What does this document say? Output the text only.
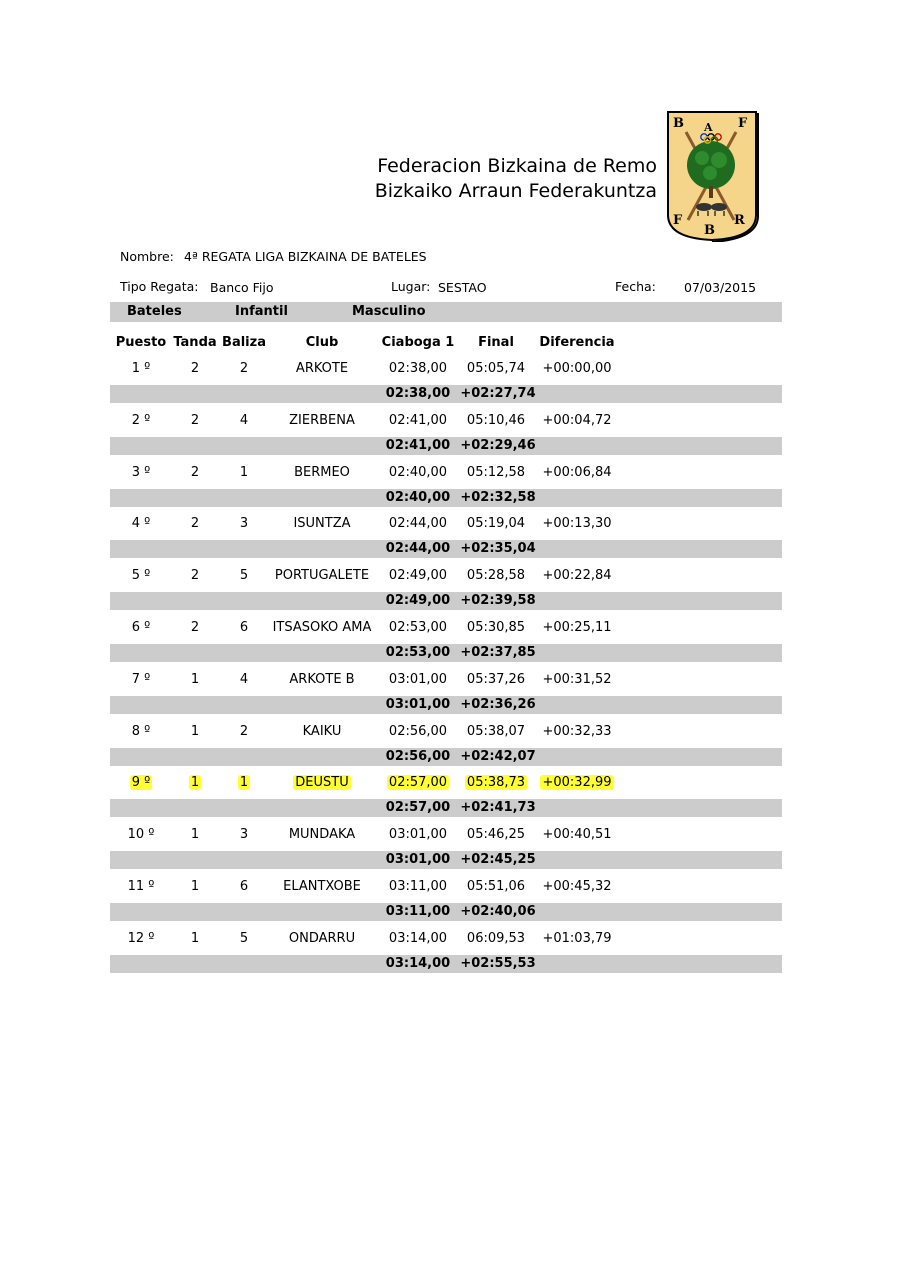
Federacion Bizkaina de Remo
Bizkaiko Arraun Federakuntza
B A F
F
B
R
Nombre: 4ª REGATA LIGA BIZKAINA DE BATELES
Tipo Regata: Banco Fijo	Lugar: SESTAO	Fecha: 07/03/2015
Bateles	Infantil	Masculino
Puesto Tanda Baliza	Club	Ciaboga 1	Final	Diferencia
1 º	2	2	ARKOTE	02:38,00	05:05,74	+00:00,00
02:38,00 +02:27,74
2 º	2	4	ZIERBENA	02:41,00	05:10,46	+00:04,72
02:41,00 +02:29,46
3 º	2	1	BERMEO	02:40,00	05:12,58	+00:06,84
02:40,00 +02:32,58
4 º	2	3	ISUNTZA	02:44,00	05:19,04	+00:13,30
02:44,00 +02:35,04
5 º	2	5	PORTUGALETE	02:49,00	05:28,58	+00:22,84
02:49,00 +02:39,58
6 º	2	6	ITSASOKO AMA	02:53,00	05:30,85	+00:25,11
02:53,00 +02:37,85
7 º	1	4	ARKOTE B	03:01,00	05:37,26	+00:31,52
03:01,00 +02:36,26
8 º	1	2	KAIKU	02:56,00	05:38,07	+00:32,33
02:56,00 +02:42,07
9 º	1	1	DEUSTU	02:57,00	05:38,73	+00:32,99
02:57,00 +02:41,73
10 º	1	3	MUNDAKA	03:01,00	05:46,25	+00:40,51
03:01,00 +02:45,25
11 º	1	6	ELANTXOBE	03:11,00	05:51,06	+00:45,32
03:11,00 +02:40,06
12 º	1	5	ONDARRU	03:14,00	06:09,53	+01:03,79
03:14,00 +02:55,53
